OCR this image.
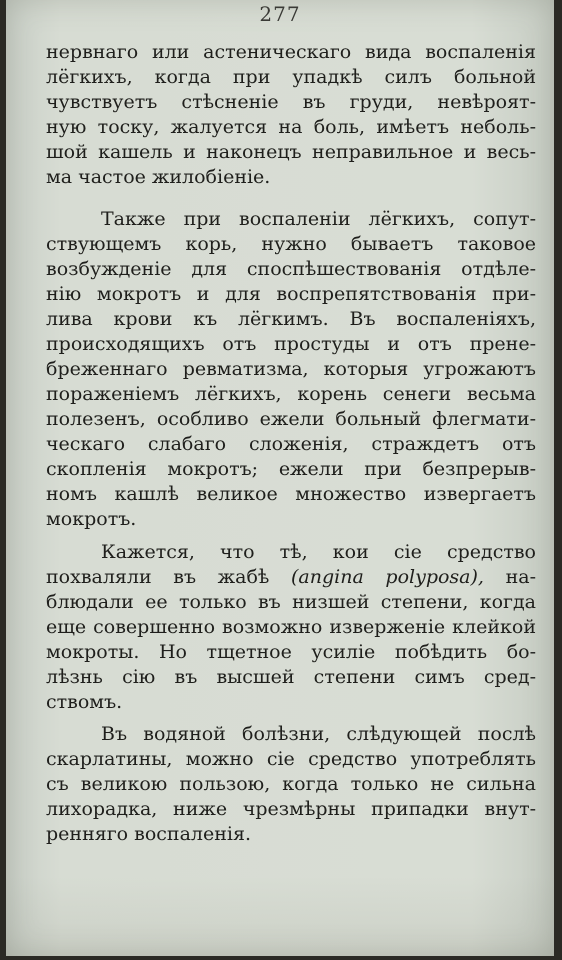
277
нервнаго или астеническаго вида воспаленія
лёгкихъ, когда при упадкѣ силъ больной
чувствуетъ стѣсненіе въ груди, невѣроят-
ную тоску, жалуется на боль, имѣетъ неболь-
шой кашель и наконецъ неправильное и весь-
ма частое жилобіеніе.
Также при воспаленіи лёгкихъ, сопут-
ствующемъ корь, нужно бываетъ таковое
возбужденіе для споспѣшествованія отдѣле-
нію мокротъ и для воспрепятствованія при-
лива крови къ лёгкимъ. Въ воспаленіяхъ,
происходящихъ отъ простуды и отъ прене-
бреженнаго ревматизма, которыя угрожаютъ
пораженіемъ лёгкихъ, корень сенеги весьма
полезенъ, особливо ежели больный флегмати-
ческаго слабаго сложенія, страждетъ отъ
скопленія мокротъ; ежели при безпрерыв-
номъ кашлѣ великое множество извергаетъ
мокротъ.
Кажется, что тѣ, кои сіе средство
похваляли въ жабѣ (angina polyposa), на-
блюдали ее только въ низшей степени, когда
еще совершенно возможно изверженіе клейкой
мокроты. Но тщетное усиліе побѣдить бо-
лѣзнь сію въ высшей степени симъ сред-
ствомъ.
Въ водяной болѣзни, слѣдующей послѣ
скарлатины, можно сіе средство употреблять
съ великою пользою, когда только не сильна
лихорадка, ниже чрезмѣрны припадки внут-
ренняго воспаленія.
